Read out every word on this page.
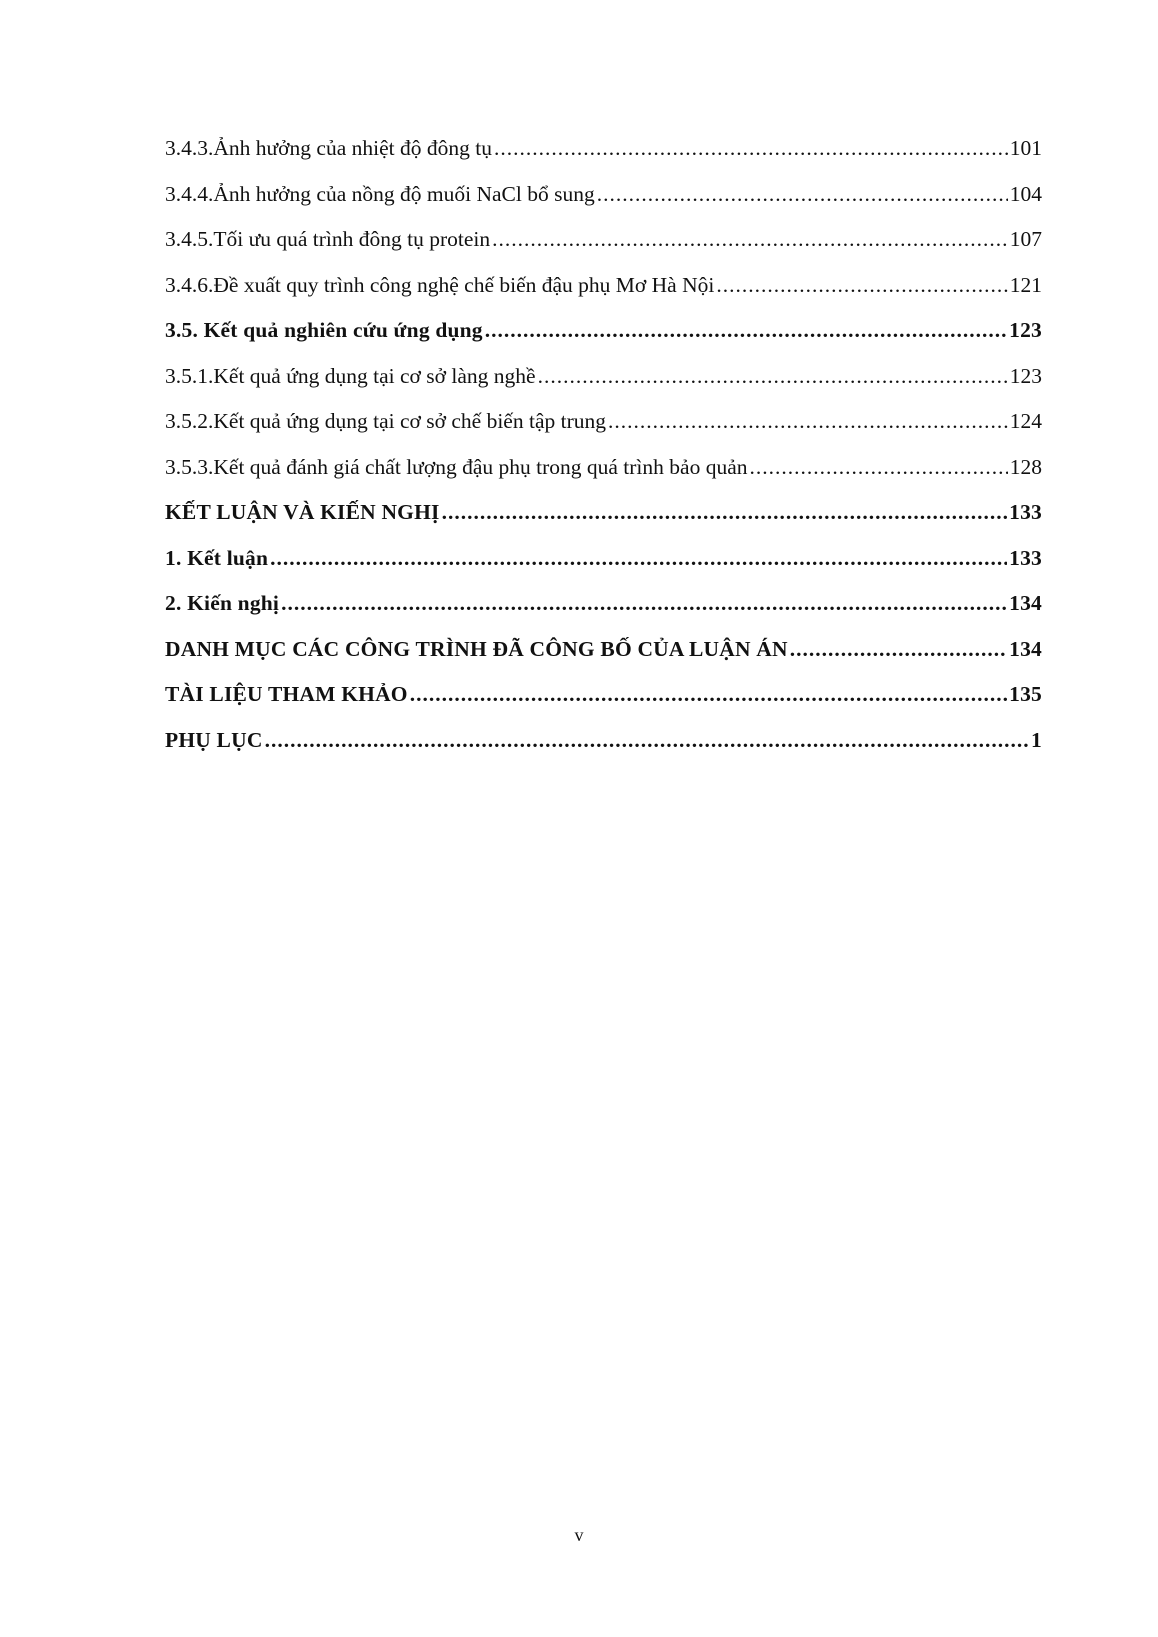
3.4.3.Ảnh hưởng của nhiệt độ đông tụ .....	101
3.4.4.Ảnh hưởng của nồng độ muối NaCl bổ sung .....	104
3.4.5.Tối ưu quá trình đông tụ protein .....	107
3.4.6.Đề xuất quy trình công nghệ chế biến đậu phụ Mơ Hà Nội .....	121
3.5. Kết quả nghiên cứu ứng dụng .....	123
3.5.1.Kết quả ứng dụng tại cơ sở làng nghề .....	123
3.5.2.Kết quả ứng dụng tại cơ sở chế biến tập trung .....	124
3.5.3.Kết quả đánh giá chất lượng đậu phụ trong quá trình bảo quản .....	128
KẾT LUẬN VÀ KIẾN NGHỊ .....	133
1. Kết luận .....	133
2. Kiến nghị .....	134
DANH MỤC CÁC CÔNG TRÌNH ĐÃ CÔNG BỐ CỦA LUẬN ÁN .....	134
TÀI LIỆU THAM KHẢO .....	135
PHỤ LỤC .....	1
v
